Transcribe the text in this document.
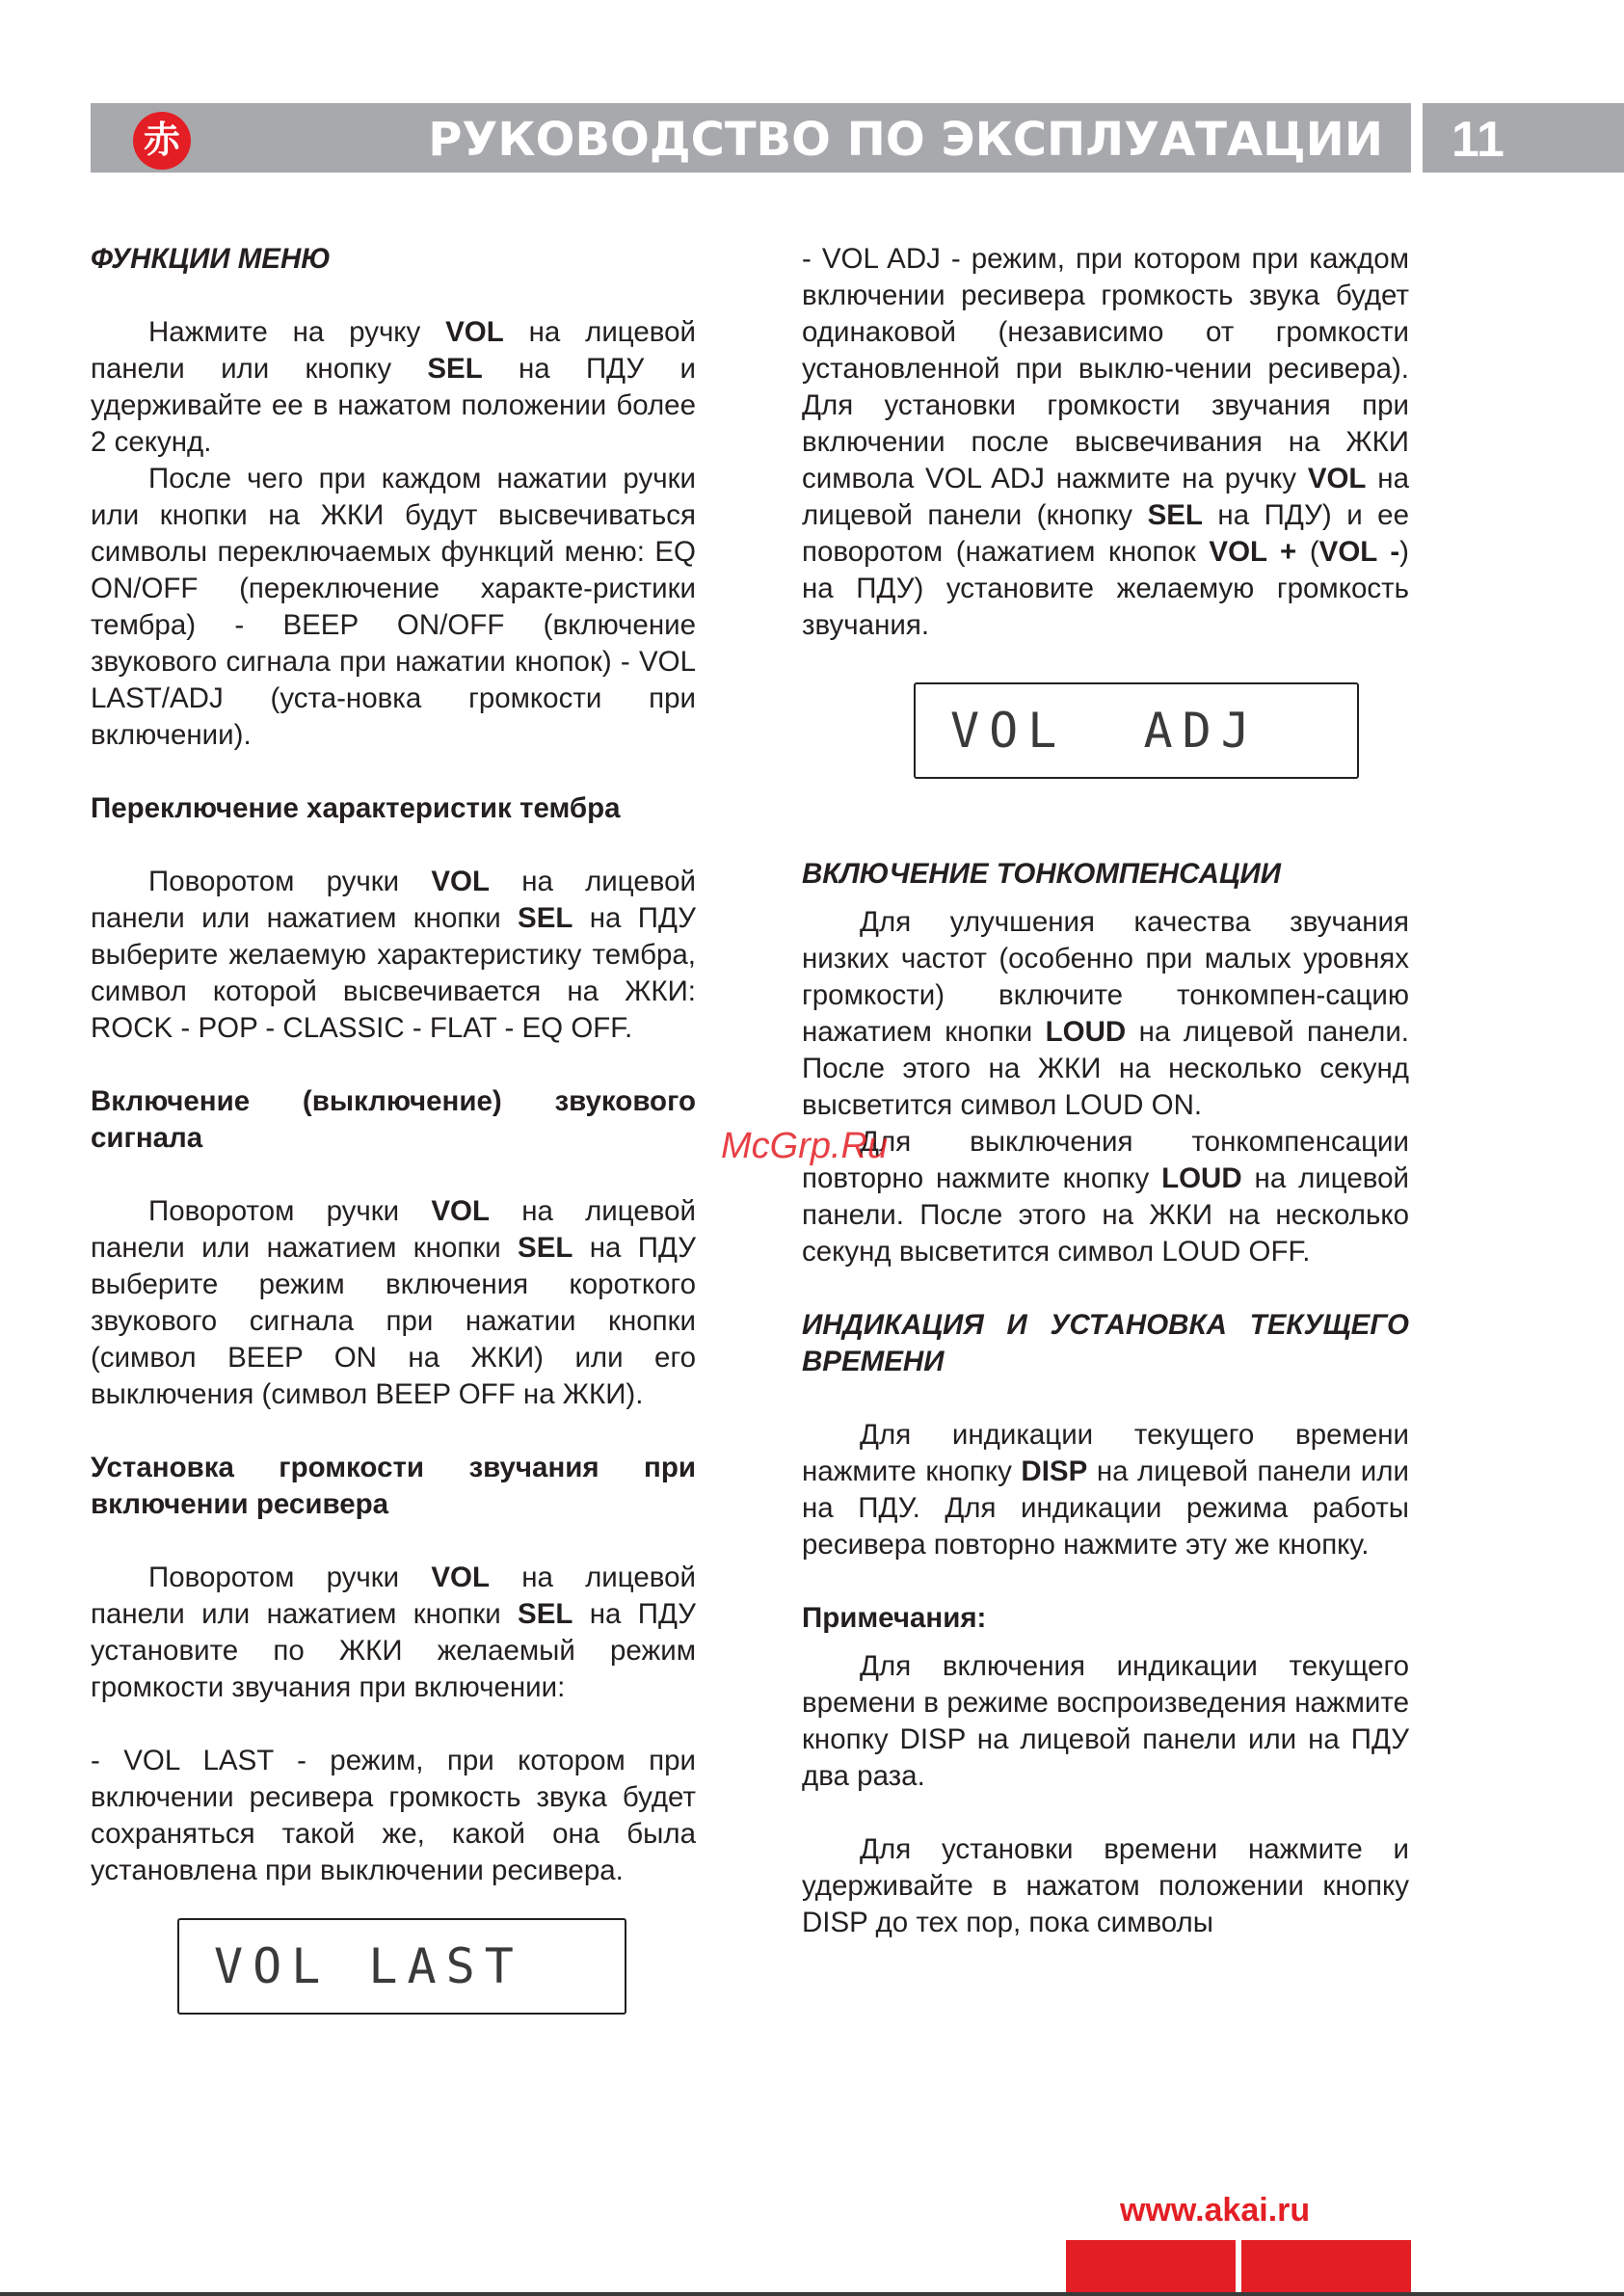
赤	РУКОВОДСТВО ПО ЭКСПЛУАТАЦИИ 11

ФУНКЦИИ МЕНЮ

Нажмите на ручку VOL на лицевой панели или кнопку SEL на ПДУ и удерживайте ее в нажатом положении более 2 секунд.

После чего при каждом нажатии ручки или кнопки на ЖКИ будут высвечиваться символы переключаемых функций меню: EQ ON/OFF (переключение характе-ристики тембра) - BEEP ON/OFF (включение звукового сигнала при нажатии кнопок) - VOL LAST/ADJ (уста-новка громкости при включении).

Переключение характеристик тембра

Поворотом ручки VOL на лицевой панели или нажатием кнопки SEL на ПДУ выберите желаемую характеристику тембра, символ которой высвечивается на ЖКИ: ROCK - POP - CLASSIC - FLAT - EQ OFF.

Включение (выключение) звукового сигнала

Поворотом ручки VOL на лицевой панели или нажатием кнопки SEL на ПДУ выберите режим включения короткого звукового сигнала при нажатии кнопки (символ BEEP ON на ЖКИ) или его выключения (символ BEEP OFF на ЖКИ).

Установка громкости звучания при включении ресивера

Поворотом ручки VOL на лицевой панели или нажатием кнопки SEL на ПДУ установите по ЖКИ желаемый режим громкости звучания при включении:

- VOL LAST - режим, при котором при включении ресивера громкость звука будет сохраняться такой же, какой она была установлена при выключении ресивера.

VOL LAST

- VOL ADJ - режим, при котором при каждом включении ресивера громкость звука будет одинаковой (независимо от громкости установленной при выклю-чении ресивера). Для установки громкости звучания при включении после высвечивания на ЖКИ символа VOL ADJ нажмите на ручку VOL на лицевой панели (кнопку SEL на ПДУ) и ее поворотом (нажатием кнопок VOL + (VOL -) на ПДУ) установите желаемую громкость звучания.

VOL  ADJ

ВКЛЮЧЕНИЕ ТОНКОМПЕНСАЦИИ

Для улучшения качества звучания низких частот (особенно при малых уровнях громкости) включите тонкомпен-сацию нажатием кнопки LOUD на лицевой панели. После этого на ЖКИ на несколько секунд высветится символ LOUD ON.

Для выключения тонкомпенсации повторно нажмите кнопку LOUD на лицевой панели. После этого на ЖКИ на несколько секунд высветится символ LOUD OFF.

ИНДИКАЦИЯ И УСТАНОВКА ТЕКУЩЕГО ВРЕМЕНИ

Для индикации текущего времени нажмите кнопку DISP на лицевой панели или на ПДУ. Для индикации режима работы ресивера повторно нажмите эту же кнопку.

Примечания:

Для включения индикации текущего времени в режиме воспроизведения нажмите кнопку DISP на лицевой панели или на ПДУ два раза.

Для установки времени нажмите и удерживайте в нажатом положении кнопку DISP до тех пор, пока символы

McGrp.Ru
www.akai.ru
